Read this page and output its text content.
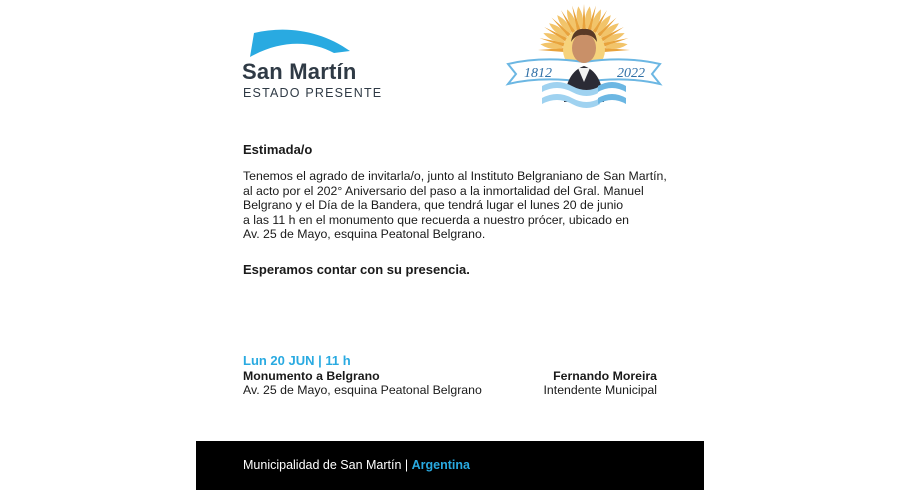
San Martín
ESTADO PRESENTE
1812	2022
Estimada/o
Tenemos el agrado de invitarla/o, junto al Instituto Belgraniano de San Martín,
al acto por el 202° Aniversario del paso a la inmortalidad del Gral. Manuel
Belgrano y el Día de la Bandera, que tendrá lugar el lunes 20 de junio
a las 11 h en el monumento que recuerda a nuestro prócer, ubicado en
Av. 25 de Mayo, esquina Peatonal Belgrano.
Esperamos contar con su presencia.
Lun 20 JUN | 11 h
Monumento a Belgrano
Av. 25 de Mayo, esquina Peatonal Belgrano
Fernando Moreira
Intendente Municipal
Municipalidad de San Martín | Argentina
